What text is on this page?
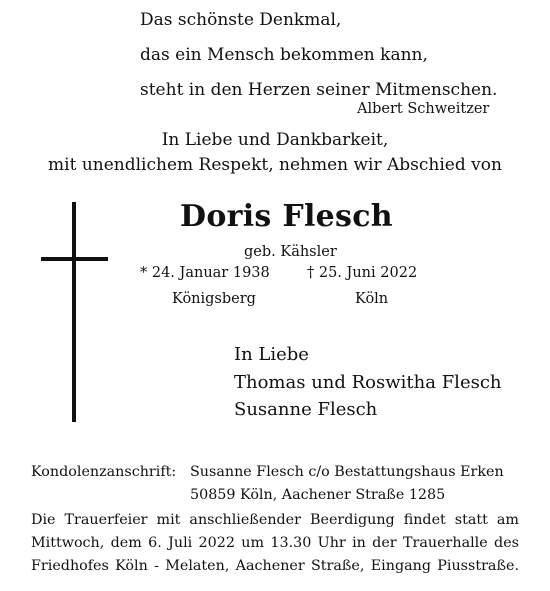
Das schönste Denkmal,
das ein Mensch bekommen kann,
steht in den Herzen seiner Mitmenschen.
Albert Schweitzer
In Liebe und Dankbarkeit,
mit unendlichem Respekt, nehmen wir Abschied von
Doris Flesch
geb. Kähsler
* 24. Januar 1938	† 25. Juni 2022
Königsberg	Köln
In Liebe
Thomas und Roswitha Flesch
Susanne Flesch
Kondolenzanschrift: Susanne Flesch c/o Bestattungshaus Erken
50859 Köln, Aachener Straße 1285
Die Trauerfeier mit anschließender Beerdigung findet statt am
Mittwoch, dem 6. Juli 2022 um 13.30 Uhr in der Trauerhalle des
Friedhofes Köln - Melaten, Aachener Straße, Eingang Piusstraße.
